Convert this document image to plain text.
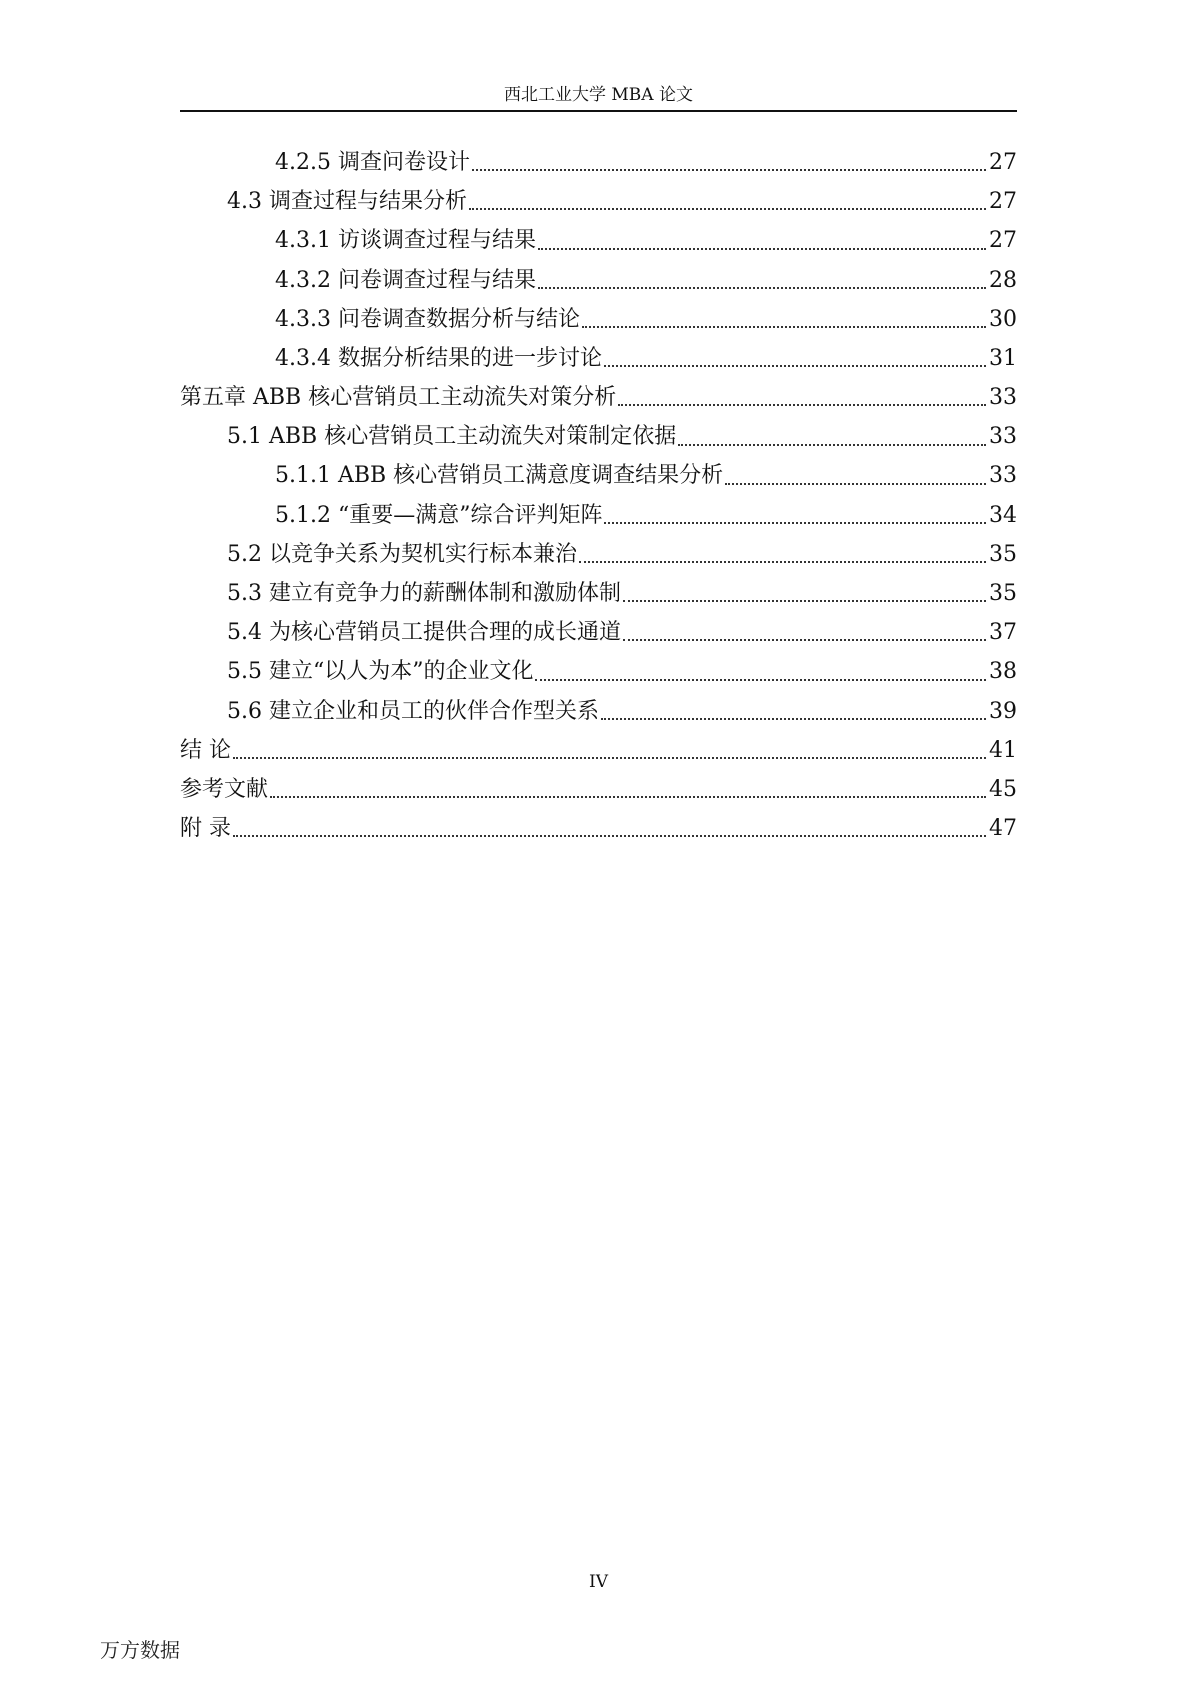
西北工业大学 MBA 论文
4.2.5 调查问卷设计	27
4.3 调查过程与结果分析	27
4.3.1 访谈调查过程与结果	27
4.3.2 问卷调查过程与结果	28
4.3.3 问卷调查数据分析与结论	30
4.3.4 数据分析结果的进一步讨论	31
第五章 ABB 核心营销员工主动流失对策分析	33
5.1 ABB 核心营销员工主动流失对策制定依据	33
5.1.1 ABB 核心营销员工满意度调查结果分析	33
5.1.2 “重要—满意”综合评判矩阵	34
5.2 以竞争关系为契机实行标本兼治	35
5.3 建立有竞争力的薪酬体制和激励体制	35
5.4 为核心营销员工提供合理的成长通道	37
5.5 建立“以人为本”的企业文化	38
5.6 建立企业和员工的伙伴合作型关系	39
结 论	41
参考文献	45
附 录	47
IV
万方数据
